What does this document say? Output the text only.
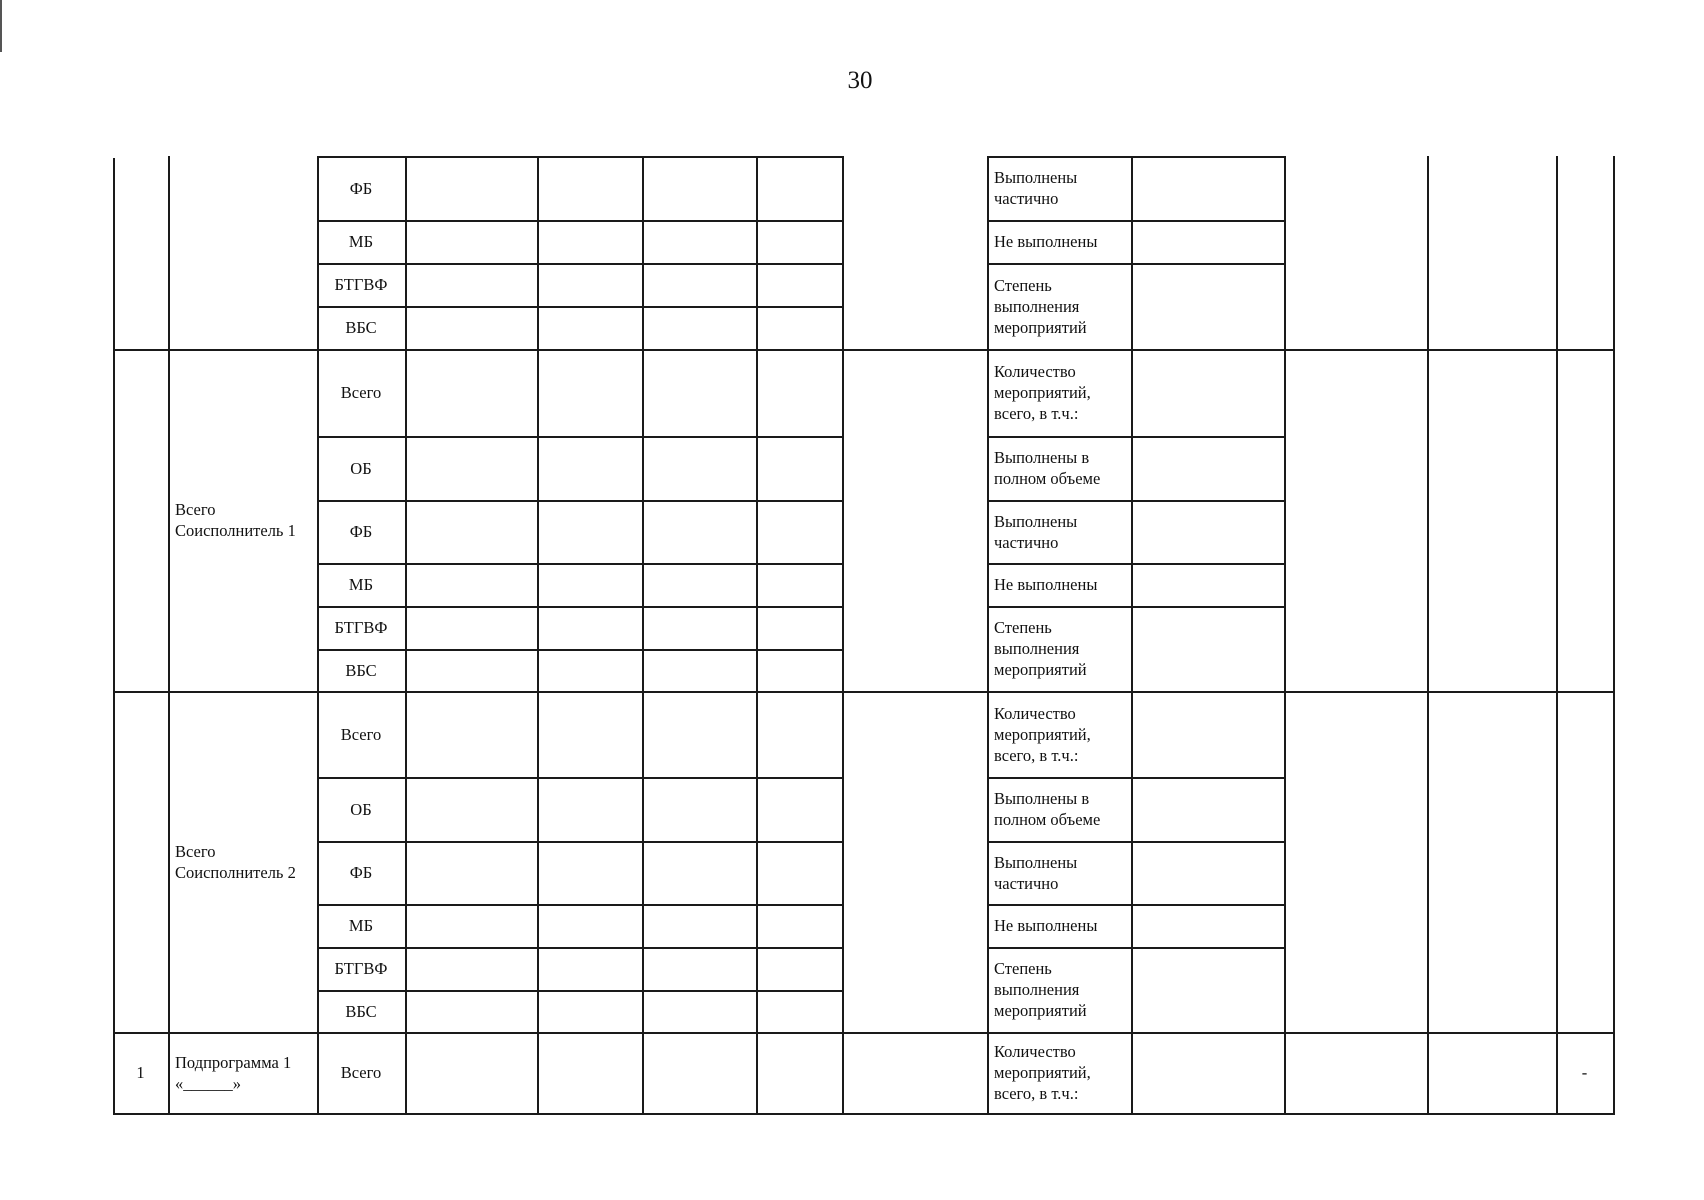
30
ФБ
МБ
БТГВФ
ВБС
Выполнены частично
Не выполнены
Степень выполнения мероприятий
Всего Соисполнитель 1
Всего
ОБ
ФБ
МБ
БТГВФ
ВБС
Количество мероприятий, всего, в т.ч.:
Выполнены в полном объеме
Выполнены частично
Не выполнены
Степень выполнения мероприятий
Всего Соисполнитель 2
Всего
ОБ
ФБ
МБ
БТГВФ
ВБС
Количество мероприятий, всего, в т.ч.:
Выполнены в полном объеме
Выполнены частично
Не выполнены
Степень выполнения мероприятий
1
Подпрограмма 1 «______»
Всего
Количество мероприятий, всего, в т.ч.:
-
